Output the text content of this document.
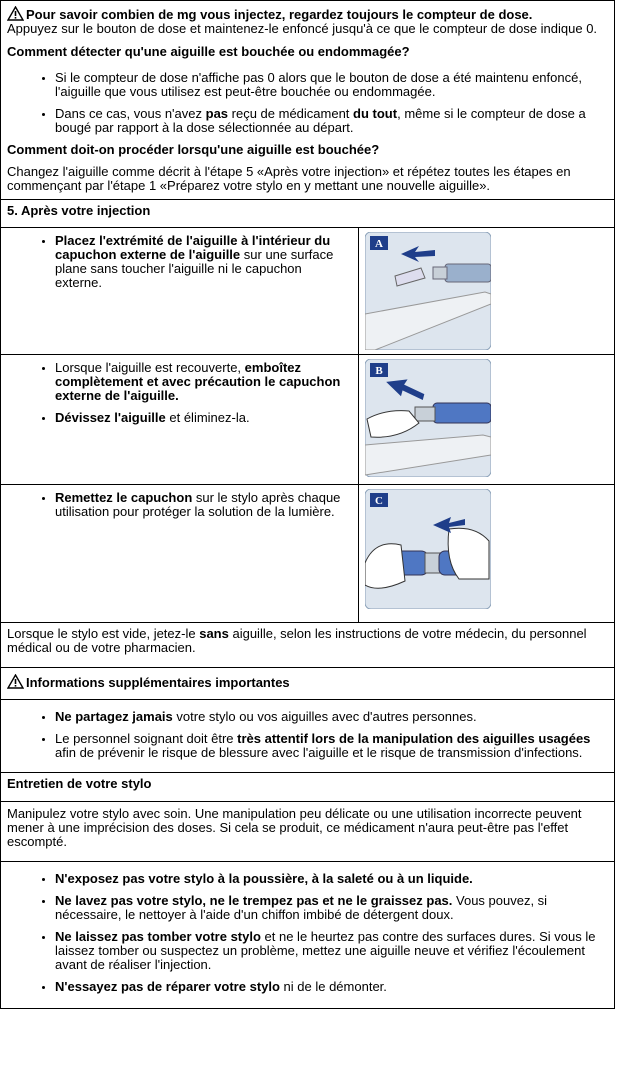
Pour savoir combien de mg vous injectez, regardez toujours le compteur de dose.

Appuyez sur le bouton de dose et maintenez-le enfoncé jusqu'à ce que le compteur de dose indique 0.

Comment détecter qu'une aiguille est bouchée ou endommagée?

• Si le compteur de dose n'affiche pas 0 alors que le bouton de dose a été maintenu enfoncé, l'aiguille que vous utilisez est peut-être bouchée ou endommagée.
• Dans ce cas, vous n'avez pas reçu de médicament du tout, même si le compteur de dose a bougé par rapport à la dose sélectionnée au départ.

Comment doit-on procéder lorsqu'une aiguille est bouchée?

Changez l'aiguille comme décrit à l'étape 5 «Après votre injection» et répétez toutes les étapes en commençant par l'étape 1 «Préparez votre stylo en y mettant une nouvelle aiguille».

5. Après votre injection

• Placez l'extrémité de l'aiguille à l'intérieur du capuchon externe de l'aiguille sur une surface plane sans toucher l'aiguille ni le capuchon externe.
A
• Lorsque l'aiguille est recouverte, emboîtez complètement et avec précaution le capuchon externe de l'aiguille.
• Dévissez l'aiguille et éliminez-la.
B
• Remettez le capuchon sur le stylo après chaque utilisation pour protéger la solution de la lumière.
C

Lorsque le stylo est vide, jetez-le sans aiguille, selon les instructions de votre médecin, du personnel médical ou de votre pharmacien.

Informations supplémentaires importantes

• Ne partagez jamais votre stylo ou vos aiguilles avec d'autres personnes.
• Le personnel soignant doit être très attentif lors de la manipulation des aiguilles usagées afin de prévenir le risque de blessure avec l'aiguille et le risque de transmission d'infections.

Entretien de votre stylo

Manipulez votre stylo avec soin. Une manipulation peu délicate ou une utilisation incorrecte peuvent mener à une imprécision des doses. Si cela se produit, ce médicament n'aura peut-être pas l'effet escompté.

• N'exposez pas votre stylo à la poussière, à la saleté ou à un liquide.
• Ne lavez pas votre stylo, ne le trempez pas et ne le graissez pas. Vous pouvez, si nécessaire, le nettoyer à l'aide d'un chiffon imbibé de détergent doux.
• Ne laissez pas tomber votre stylo et ne le heurtez pas contre des surfaces dures. Si vous le laissez tomber ou suspectez un problème, mettez une aiguille neuve et vérifiez l'écoulement avant de réaliser l'injection.
• N'essayez pas de réparer votre stylo ni de le démonter.
